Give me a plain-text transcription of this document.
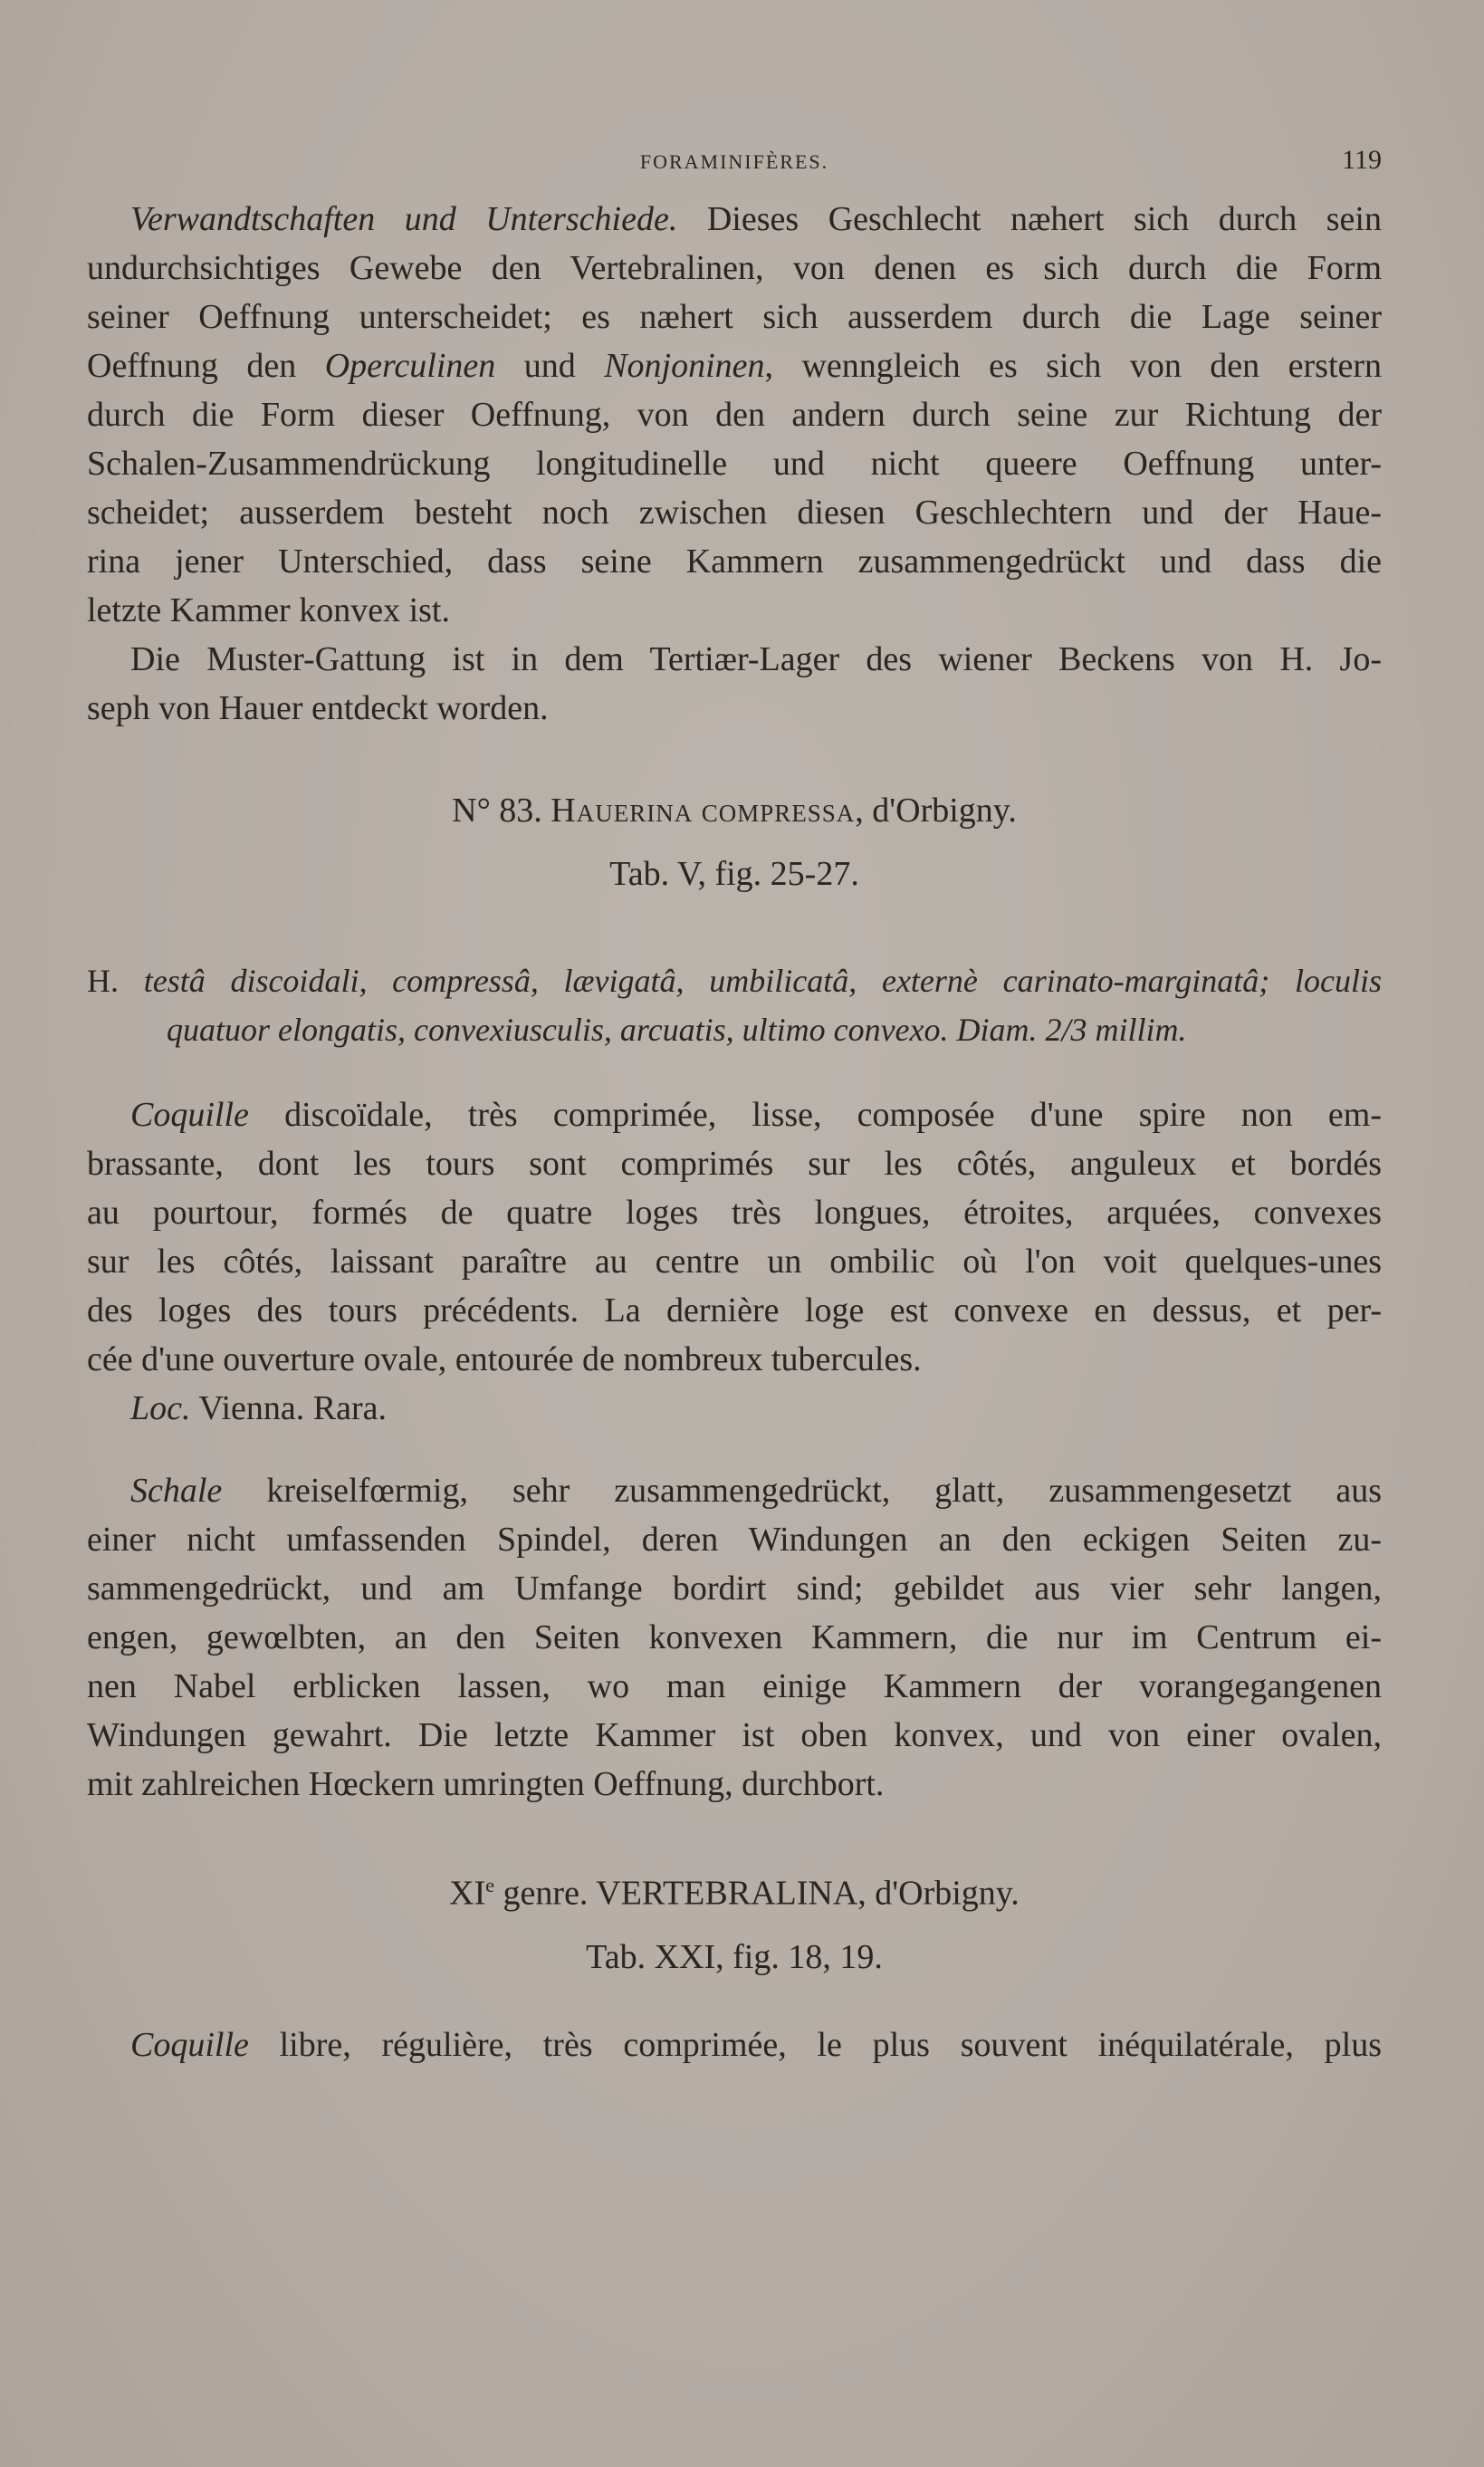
FORAMINIFÈRES.	119
Verwandtschaften und Unterschiede. Dieses Geschlecht næhert sich durch sein
undurchsichtiges Gewebe den Vertebralinen, von denen es sich durch die Form
seiner Oeffnung unterscheidet; es næhert sich ausserdem durch die Lage seiner
Oeffnung den Operculinen und Nonjoninen, wenngleich es sich von den erstern
durch die Form dieser Oeffnung, von den andern durch seine zur Richtung der
Schalen-Zusammendrückung longitudinelle und nicht queere Oeffnung unter-
scheidet; ausserdem besteht noch zwischen diesen Geschlechtern und der Haue-
rina jener Unterschied, dass seine Kammern zusammengedrückt und dass die
letzte Kammer konvex ist.
Die Muster-Gattung ist in dem Tertiær-Lager des wiener Beckens von H. Jo-
seph von Hauer entdeckt worden.
N° 83. Hauerina compressa, d'Orbigny.
Tab. V, fig. 25-27.
H. testâ discoidali, compressâ, lævigatâ, umbilicatâ, externè carinato-marginatâ; loculis
quatuor elongatis, convexiusculis, arcuatis, ultimo convexo. Diam. 2/3 millim.
Coquille discoïdale, très comprimée, lisse, composée d'une spire non em-
brassante, dont les tours sont comprimés sur les côtés, anguleux et bordés
au pourtour, formés de quatre loges très longues, étroites, arquées, convexes
sur les côtés, laissant paraître au centre un ombilic où l'on voit quelques-unes
des loges des tours précédents. La dernière loge est convexe en dessus, et per-
cée d'une ouverture ovale, entourée de nombreux tubercules.
Loc. Vienna. Rara.
Schale kreiselfœrmig, sehr zusammengedrückt, glatt, zusammengesetzt aus
einer nicht umfassenden Spindel, deren Windungen an den eckigen Seiten zu-
sammengedrückt, und am Umfange bordirt sind; gebildet aus vier sehr langen,
engen, gewœlbten, an den Seiten konvexen Kammern, die nur im Centrum ei-
nen Nabel erblicken lassen, wo man einige Kammern der vorangegangenen
Windungen gewahrt. Die letzte Kammer ist oben konvex, und von einer ovalen,
mit zahlreichen Hœckern umringten Oeffnung, durchbort.
XIe genre. VERTEBRALINA, d'Orbigny.
Tab. XXI, fig. 18, 19.
Coquille libre, régulière, très comprimée, le plus souvent inéquilatérale, plus
